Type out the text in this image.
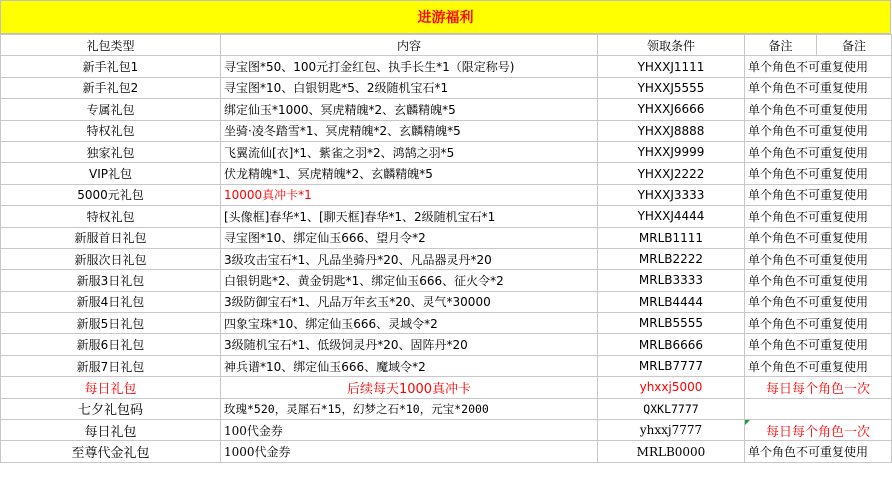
进游福利
礼包类型	内容	领取条件	备注	备注
新手礼包1	寻宝图*50、100元打金红包、执手长生*1（限定称号)	YHXXJ1111	单个角色不可重复使用	
新手礼包2	寻宝图*10、白银钥匙*5、2级随机宝石*1	YHXXJ5555	单个角色不可重复使用	
专属礼包	绑定仙玉*1000、冥虎精魄*2、玄麟精魄*5	YHXXJ6666	单个角色不可重复使用	
特权礼包	坐骑·凌冬踏雪*1、冥虎精魄*2、玄麟精魄*5	YHXXJ8888	单个角色不可重复使用	
独家礼包	飞翼流仙[衣]*1、紫雀之羽*2、鸿鹄之羽*5	YHXXJ9999	单个角色不可重复使用	
VIP礼包	伏龙精魄*1、冥虎精魄*2、玄麟精魄*5	YHXXJ2222	单个角色不可重复使用	
5000元礼包	10000真冲卡*1	YHXXJ3333	单个角色不可重复使用	
特权礼包	[头像框]春华*1、[聊天框]春华*1、2级随机宝石*1	YHXXJ4444	单个角色不可重复使用	
新服首日礼包	寻宝图*10、绑定仙玉666、望月令*2	MRLB1111	单个角色不可重复使用	
新服次日礼包	3级攻击宝石*1、凡品坐骑丹*20、凡品器灵丹*20	MRLB2222	单个角色不可重复使用	
新服3日礼包	白银钥匙*2、黄金钥匙*1、绑定仙玉666、征火令*2	MRLB3333	单个角色不可重复使用	
新服4日礼包	3级防御宝石*1、凡品万年玄玉*20、灵气*30000	MRLB4444	单个角色不可重复使用	
新服5日礼包	四象宝珠*10、绑定仙玉666、灵域令*2	MRLB5555	单个角色不可重复使用	
新服6日礼包	3级随机宝石*1、低级饲灵丹*20、固阵丹*20	MRLB6666	单个角色不可重复使用	
新服7日礼包	神兵谱*10、绑定仙玉666、魔域令*2	MRLB7777	单个角色不可重复使用	
每日礼包	后续每天1000真冲卡	yhxxj5000	每日每个角色一次	
七夕礼包码	玫瑰*520，灵犀石*15，幻梦之石*10，元宝*2000	QXKL7777		
每日礼包	100代金券	yhxxj7777	每日每个角色一次	
至尊代金礼包	1000代金券	MRLB0000	单个角色不可重复使用	
